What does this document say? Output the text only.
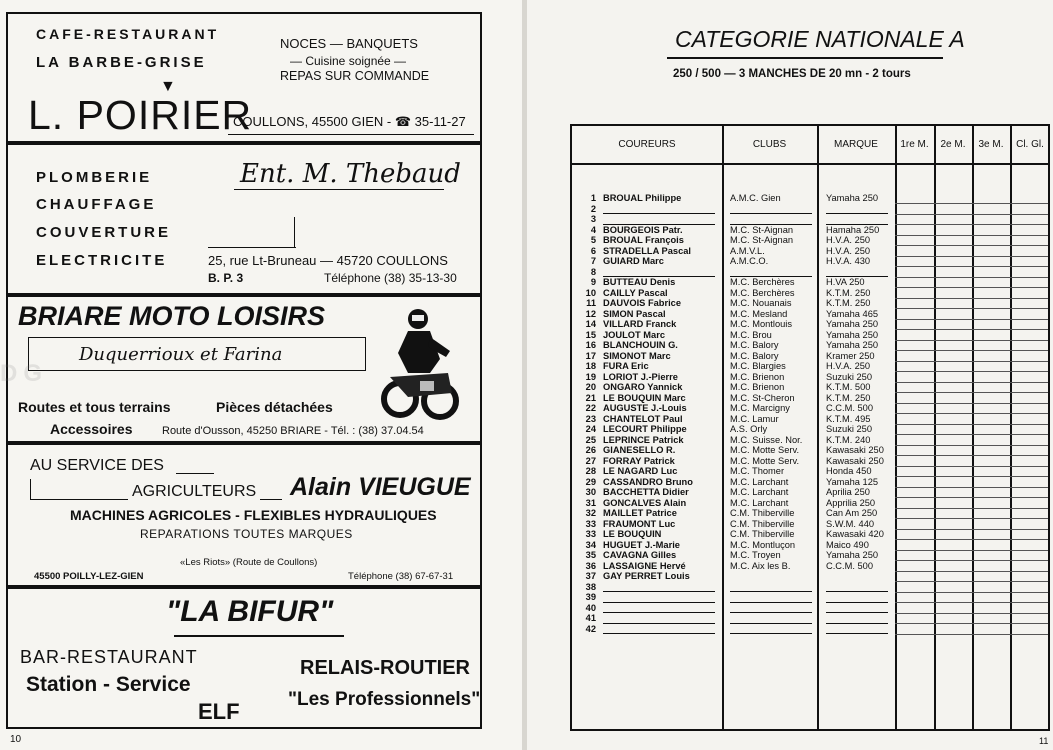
CAFE-RESTAURANT
LA BARBE-GRISE
▼
NOCES — BANQUETS
— Cuisine soignée —
REPAS SUR COMMANDE
L. POIRIER
COULLONS, 45500 GIEN - ☎ 35-11-27
PLOMBERIE
CHAUFFAGE
COUVERTURE
ELECTRICITE
Ent. M. Thebaud
25, rue Lt-Bruneau — 45720 COULLONS
B. P. 3	Téléphone (38) 35-13-30
BRIARE MOTO LOISIRS
Duquerrioux et Farina
Routes et tous terrains	Pièces détachées
Accessoires	Route d'Ousson, 45250 BRIARE - Tél. : (38) 37.04.54
AU SERVICE DES
AGRICULTEURS Alain VIEUGUE
MACHINES AGRICOLES - FLEXIBLES HYDRAULIQUES
REPARATIONS TOUTES MARQUES
«Les Riots» (Route de Coullons)
45500 POILLY-LEZ-GIEN	Téléphone (38) 67-67-31
"LA BIFUR"
BAR-RESTAURANT
Station - Service
ELF
RELAIS-ROUTIER
"Les Professionnels"
10
CATEGORIE NATIONALE A
250 / 500 — 3 MANCHES DE 20 mn - 2 tours
COUREURS	CLUBS	MARQUE	1re M.	2e M.	3e M.	Cl. Gl.
1 BROUAL Philippe	A.M.C. Gien	Yamaha 250
2
3
4 BOURGEOIS Patr.	M.C. St-Aignan	Hamaha 250
5 BROUAL François	M.C. St-Aignan	H.V.A. 250
6 STRADELLA Pascal	A.M.V.L.	H.V.A. 250
7 GUIARD Marc	A.M.C.O.	H.V.A. 430
8
9 BUTTEAU Denis	M.C. Berchères	H.VA 250
10 CAILLY Pascal	M.C. Berchères	K.T.M. 250
11 DAUVOIS Fabrice	M.C. Nouanais	K.T.M. 250
12 SIMON Pascal	M.C. Mesland	Yamaha 465
14 VILLARD Franck	M.C. Montlouis	Yamaha 250
15 JOULOT Marc	M.C. Brou	Yamaha 250
16 BLANCHOUIN G.	M.C. Balory	Yamaha 250
17 SIMONOT Marc	M.C. Balory	Kramer 250
18 FURA Eric	M.C. Blargies	H.V.A. 250
19 LORIOT J.-Pierre	M.C. Brienon	Suzuki 250
20 ONGARO Yannick	M.C. Brienon	K.T.M. 500
21 LE BOUQUIN Marc	M.C. St-Cheron	K.T.M. 250
22 AUGUSTE J.-Louis	M.C. Marcigny	C.C.M. 500
23 CHANTELOT Paul	M.C. Lamur	K.T.M. 495
24 LECOURT Philippe	A.S. Orly	Suzuki 250
25 LEPRINCE Patrick	M.C. Suisse. Nor.	K.T.M. 240
26 GIANESELLO R.	M.C. Motte Serv.	Kawasaki 250
27 FORRAY Patrick	M.C. Motte Serv.	Kawasaki 250
28 LE NAGARD Luc	M.C. Thomer	Honda 450
29 CASSANDRO Bruno	M.C. Larchant	Yamaha 125
30 BACCHETTA Didier	M.C. Larchant	Aprilia 250
31 GONCALVES Alain	M.C. Larchant	Apprilia 250
32 MAILLET Patrice	C.M. Thiberville	Can Am 250
33 FRAUMONT Luc	C.M. Thiberville	S.W.M. 440
33 LE BOUQUIN	C.M. Thiberville	Kawasaki 420
34 HUGUET J.-Marie	M.C. Montluçon	Maico 490
35 CAVAGNA Gilles	M.C. Troyen	Yamaha 250
36 LASSAIGNE Hervé	M.C. Aix les B.	C.C.M. 500
37 GAY PERRET Louis
38
39
40
41
42
11
DG
